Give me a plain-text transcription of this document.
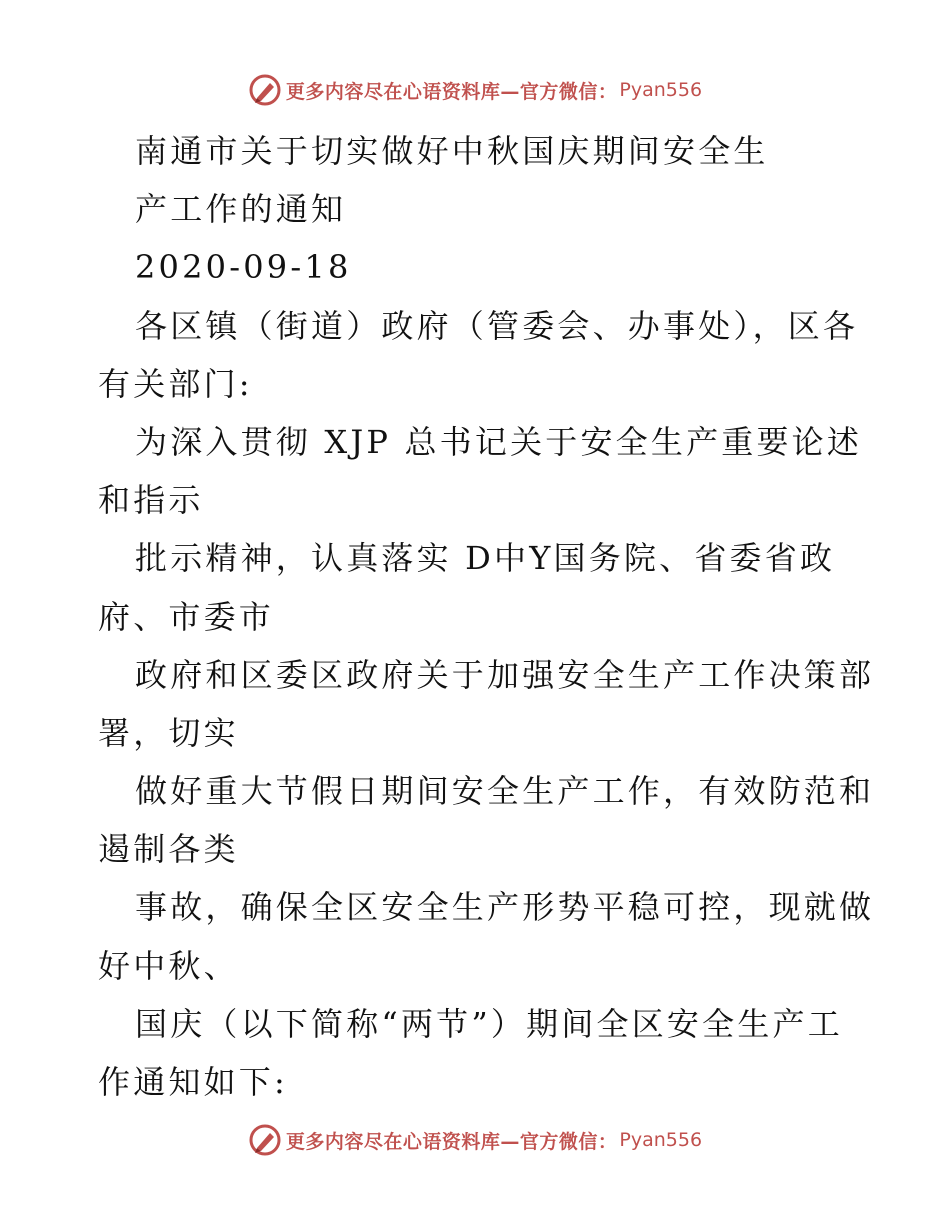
更多内容尽在心语资料库—官方微信： Pyan556
南通市关于切实做好中秋国庆期间安全生
产工作的通知
2020-09-18
各区镇（街道）政府（管委会、办事处），区各
有关部门:
为深入贯彻 XJP 总书记关于安全生产重要论述
和指示
批示精神，认真落实 D中Y国务院、省委省政
府、市委市
政府和区委区政府关于加强安全生产工作决策部
署，切实
做好重大节假日期间安全生产工作，有效防范和
遏制各类
事故，确保全区安全生产形势平稳可控，现就做
好中秋、
国庆（以下简称“两节”）期间全区安全生产工
作通知如下:
更多内容尽在心语资料库—官方微信： Pyan556
